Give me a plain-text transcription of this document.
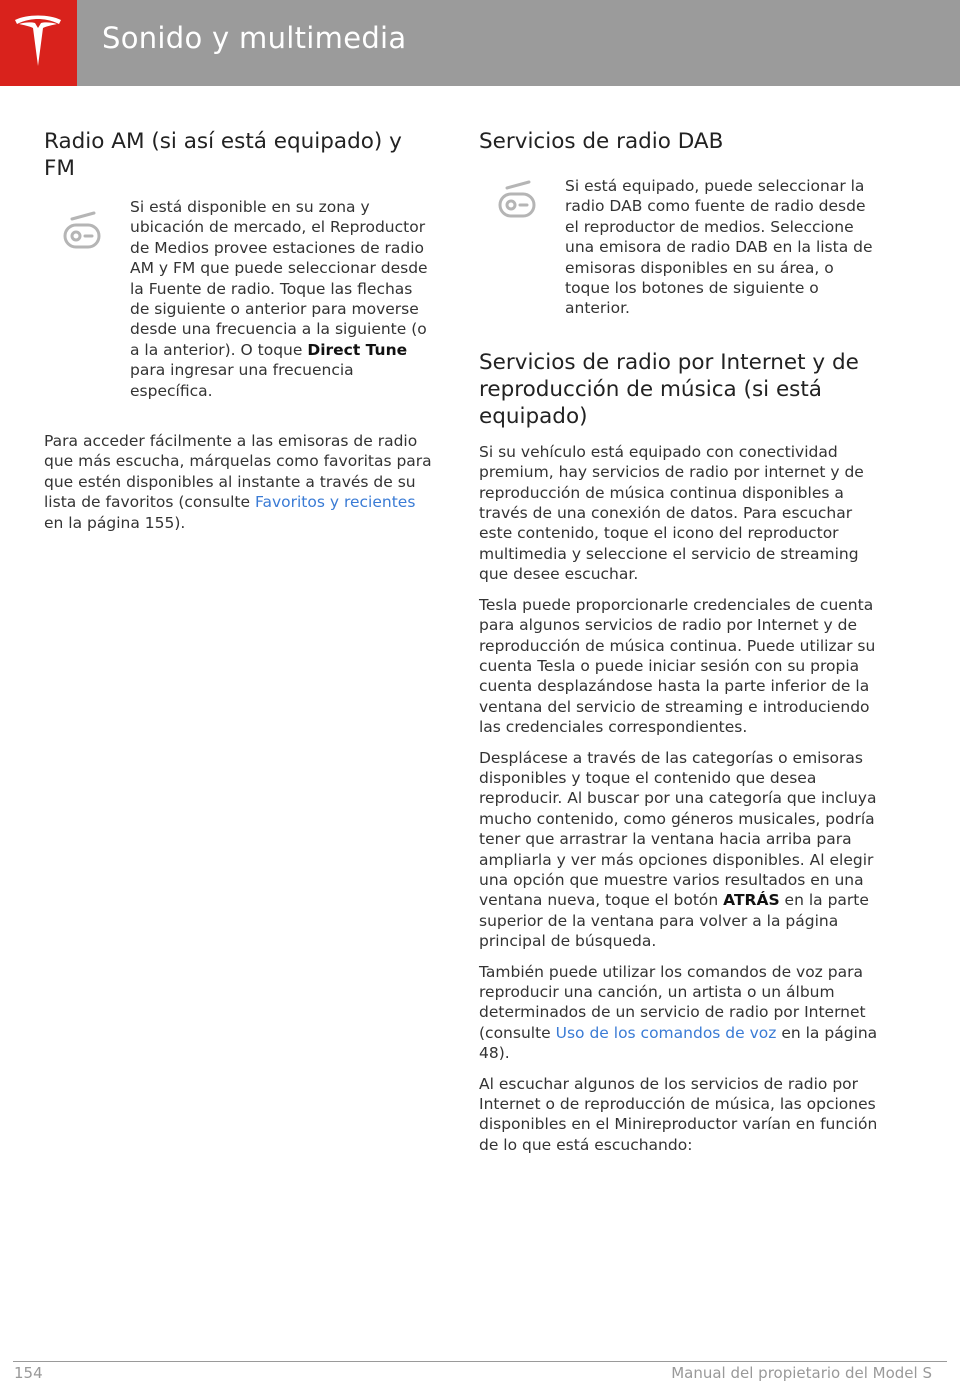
Sonido y multimedia
Radio AM (si así está equipado) y FM

Si está disponible en su zona y ubicación de mercado, el Reproductor de Medios provee estaciones de radio AM y FM que puede seleccionar desde la Fuente de radio. Toque las flechas de siguiente o anterior para moverse desde una frecuencia a la siguiente (o a la anterior). O toque Direct Tune para ingresar una frecuencia específica.

Para acceder fácilmente a las emisoras de radio que más escucha, márquelas como favoritas para que estén disponibles al instante a través de su lista de favoritos (consulte Favoritos y recientes en la página 155).

Servicios de radio DAB

Si está equipado, puede seleccionar la radio DAB como fuente de radio desde el reproductor de medios. Seleccione una emisora de radio DAB en la lista de emisoras disponibles en su área, o toque los botones de siguiente o anterior.

Servicios de radio por Internet y de reproducción de música (si está equipado)

Si su vehículo está equipado con conectividad premium, hay servicios de radio por internet y de reproducción de música continua disponibles a través de una conexión de datos. Para escuchar este contenido, toque el icono del reproductor multimedia y seleccione el servicio de streaming que desee escuchar.

Tesla puede proporcionarle credenciales de cuenta para algunos servicios de radio por Internet y de reproducción de música continua. Puede utilizar su cuenta Tesla o puede iniciar sesión con su propia cuenta desplazándose hasta la parte inferior de la ventana del servicio de streaming e introduciendo las credenciales correspondientes.

Desplácese a través de las categorías o emisoras disponibles y toque el contenido que desea reproducir. Al buscar por una categoría que incluya mucho contenido, como géneros musicales, podría tener que arrastrar la ventana hacia arriba para ampliarla y ver más opciones disponibles. Al elegir una opción que muestre varios resultados en una ventana nueva, toque el botón ATRÁS en la parte superior de la ventana para volver a la página principal de búsqueda.

También puede utilizar los comandos de voz para reproducir una canción, un artista o un álbum determinados de un servicio de radio por Internet (consulte Uso de los comandos de voz en la página 48).

Al escuchar algunos de los servicios de radio por Internet o de reproducción de música, las opciones disponibles en el Minireproductor varían en función de lo que está escuchando:

154	Manual del propietario del Model S
